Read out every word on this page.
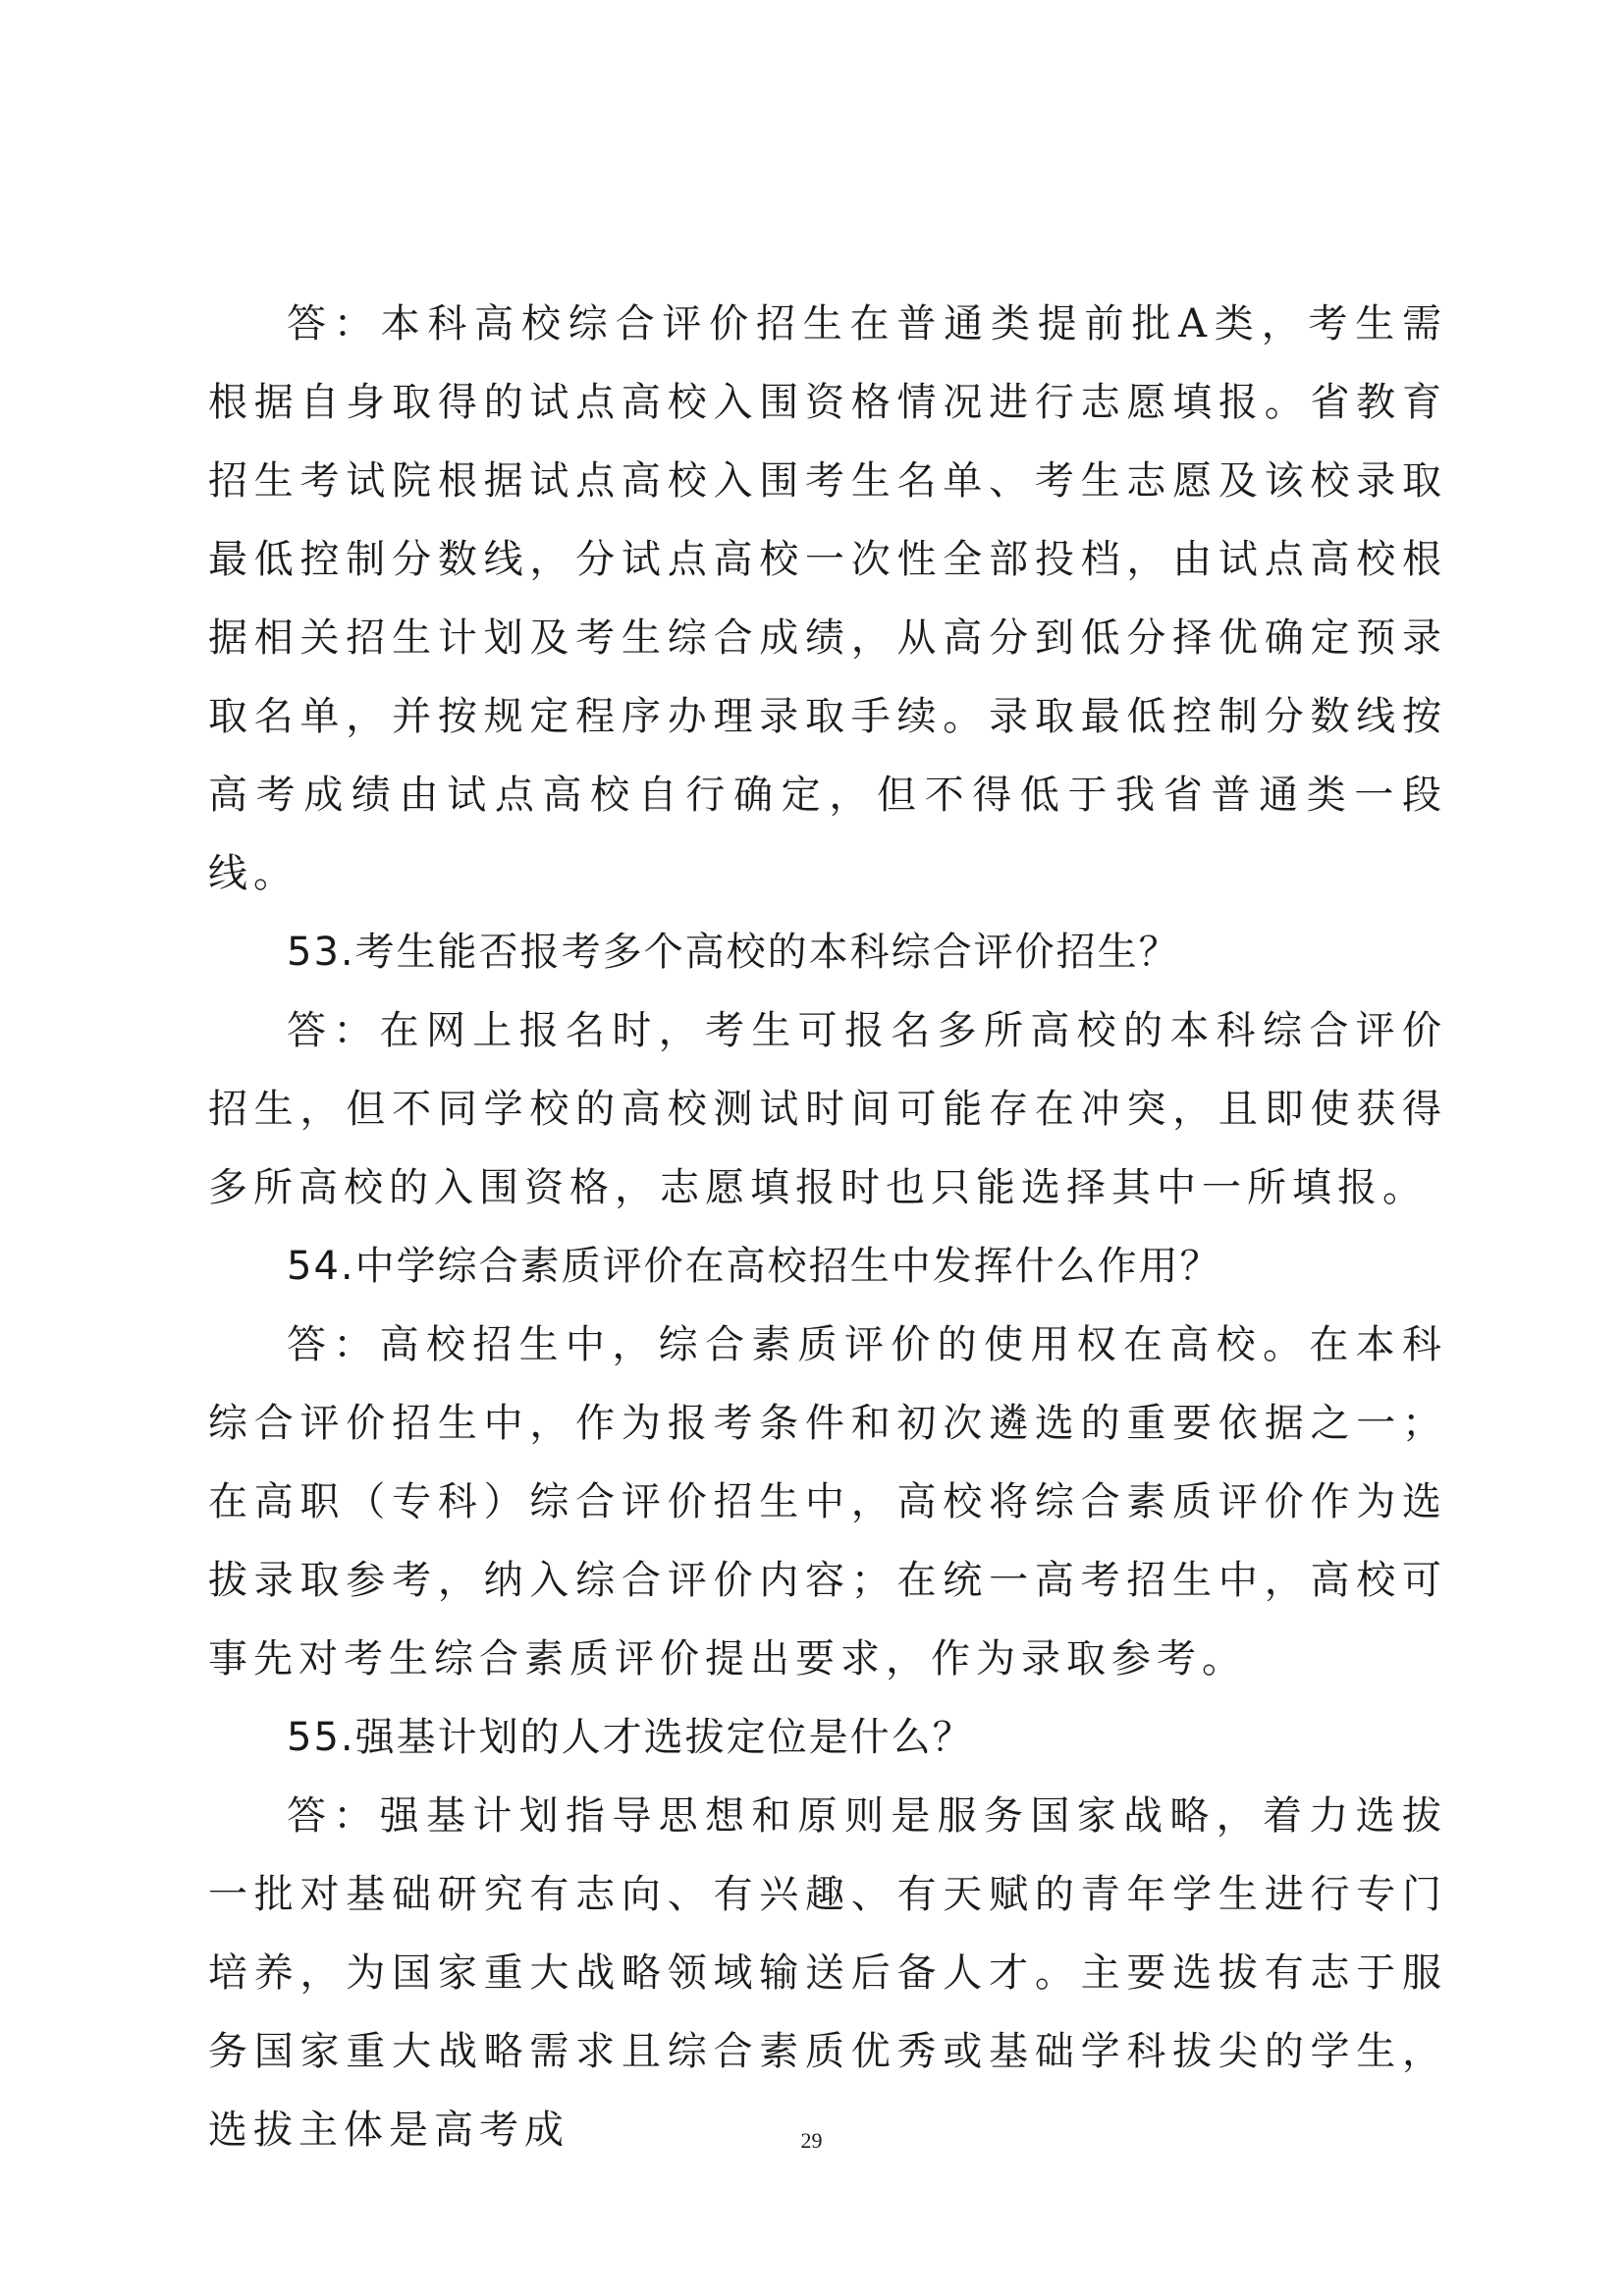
答：本科高校综合评价招生在普通类提前批A类，考生需根据自身取得的试点高校入围资格情况进行志愿填报。省教育招生考试院根据试点高校入围考生名单、考生志愿及该校录取最低控制分数线，分试点高校一次性全部投档，由试点高校根据相关招生计划及考生综合成绩，从高分到低分择优确定预录取名单，并按规定程序办理录取手续。录取最低控制分数线按高考成绩由试点高校自行确定，但不得低于我省普通类一段线。

53.考生能否报考多个高校的本科综合评价招生？

答：在网上报名时，考生可报名多所高校的本科综合评价招生，但不同学校的高校测试时间可能存在冲突，且即使获得多所高校的入围资格，志愿填报时也只能选择其中一所填报。

54.中学综合素质评价在高校招生中发挥什么作用？

答：高校招生中，综合素质评价的使用权在高校。在本科综合评价招生中，作为报考条件和初次遴选的重要依据之一；在高职（专科）综合评价招生中，高校将综合素质评价作为选拔录取参考，纳入综合评价内容；在统一高考招生中，高校可事先对考生综合素质评价提出要求，作为录取参考。

55.强基计划的人才选拔定位是什么？

答：强基计划指导思想和原则是服务国家战略，着力选拔一批对基础研究有志向、有兴趣、有天赋的青年学生进行专门培养，为国家重大战略领域输送后备人才。主要选拔有志于服务国家重大战略需求且综合素质优秀或基础学科拔尖的学生，选拔主体是高考成	29
